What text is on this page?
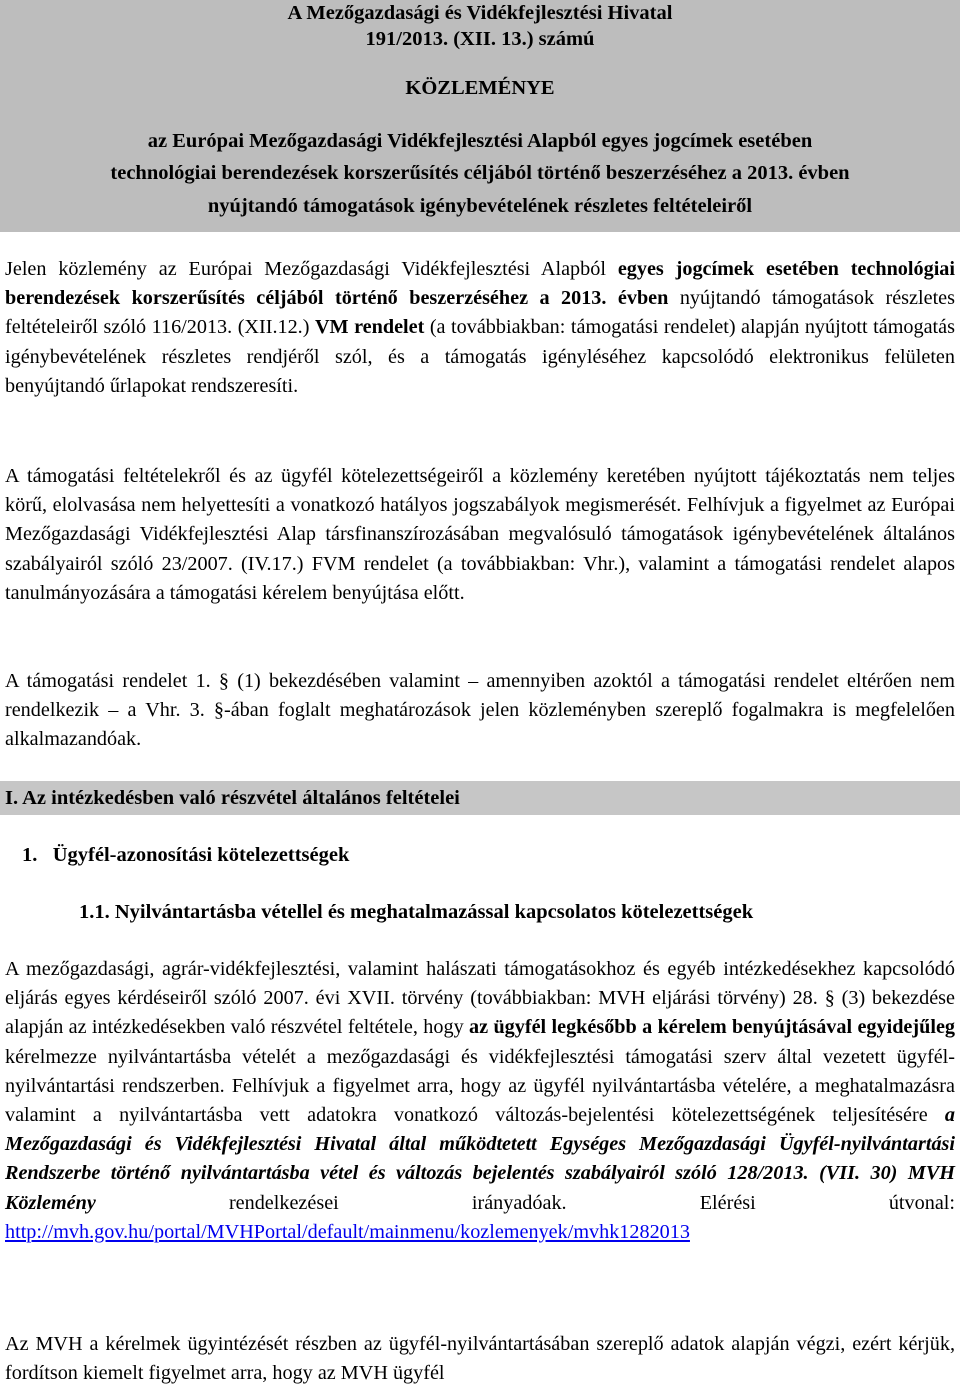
A Mezőgazdasági és Vidékfejlesztési Hivatal
191/2013. (XII. 13.) számú
KÖZLEMÉNYE
az Európai Mezőgazdasági Vidékfejlesztési Alapból egyes jogcímek esetében
technológiai berendezések korszerűsítés céljából történő beszerzéséhez a 2013. évben
nyújtandó támogatások igénybevételének részletes feltételeiről

Jelen közlemény az Európai Mezőgazdasági Vidékfejlesztési Alapból egyes jogcímek esetében technológiai berendezések korszerűsítés céljából történő beszerzéséhez a 2013. évben nyújtandó támogatások részletes feltételeiről szóló 116/2013. (XII.12.) VM rendelet (a továbbiakban: támogatási rendelet) alapján nyújtott támogatás igénybevételének részletes rendjéről szól, és a támogatás igényléséhez kapcsolódó elektronikus felületen benyújtandó űrlapokat rendszeresíti.

A támogatási feltételekről és az ügyfél kötelezettségeiről a közlemény keretében nyújtott tájékoztatás nem teljes körű, elolvasása nem helyettesíti a vonatkozó hatályos jogszabályok megismerését. Felhívjuk a figyelmet az Európai Mezőgazdasági Vidékfejlesztési Alap társfinanszírozásában megvalósuló támogatások igénybevételének általános szabályairól szóló 23/2007. (IV.17.) FVM rendelet (a továbbiakban: Vhr.), valamint a támogatási rendelet alapos tanulmányozására a támogatási kérelem benyújtása előtt.

A támogatási rendelet 1. § (1) bekezdésében valamint – amennyiben azoktól a támogatási rendelet eltérően nem rendelkezik – a Vhr. 3. §-ában foglalt meghatározások jelen közleményben szereplő fogalmakra is megfelelően alkalmazandóak.

I. Az intézkedésben való részvétel általános feltételei
1.   Ügyfél-azonosítási kötelezettségek
1.1. Nyilvántartásba vétellel és meghatalmazással kapcsolatos kötelezettségek

A mezőgazdasági, agrár-vidékfejlesztési, valamint halászati támogatásokhoz és egyéb intézkedésekhez kapcsolódó eljárás egyes kérdéseiről szóló 2007. évi XVII. törvény (továbbiakban: MVH eljárási törvény) 28. § (3) bekezdése alapján az intézkedésekben való részvétel feltétele, hogy az ügyfél legkésőbb a kérelem benyújtásával egyidejűleg kérelmezze nyilvántartásba vételét a mezőgazdasági és vidékfejlesztési támogatási szerv által vezetett ügyfél-nyilvántartási rendszerben. Felhívjuk a figyelmet arra, hogy az ügyfél nyilvántartásba vételére, a meghatalmazásra valamint a nyilvántartásba vett adatokra vonatkozó változás-bejelentési kötelezettségének teljesítésére a Mezőgazdasági és Vidékfejlesztési Hivatal által működtetett Egységes Mezőgazdasági Ügyfél-nyilvántartási Rendszerbe történő nyilvántartásba vétel és változás bejelentés szabályairól szóló 128/2013. (VII. 30) MVH Közlemény rendelkezései irányadóak. Elérési útvonal: http://mvh.gov.hu/portal/MVHPortal/default/mainmenu/kozlemenyek/mvhk1282013

Az MVH a kérelmek ügyintézését részben az ügyfél-nyilvántartásában szereplő adatok alapján végzi, ezért kérjük, fordítson kiemelt figyelmet arra, hogy az MVH ügyfél
